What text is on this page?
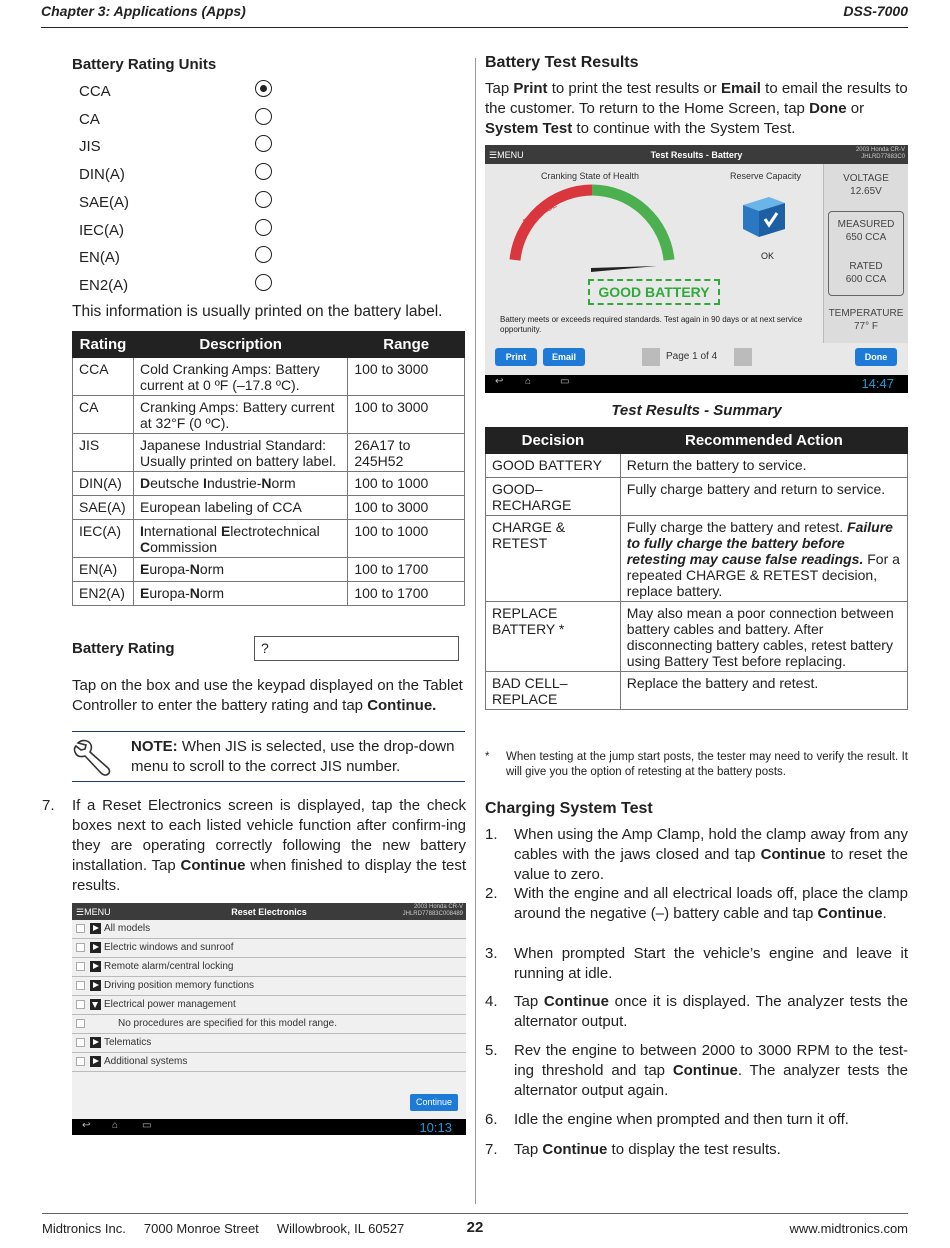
Chapter 3: Applications (Apps)	DSS-7000
Battery Rating Units
CCA
CA
JIS
DIN(A)
SAE(A)
IEC(A)
EN(A)
EN2(A)
This information is usually printed on the battery label.
Rating	Description	Range
CCA	Cold Cranking Amps: Battery current at 0 ºF (–17.8 ºC).	100 to 3000
CA	Cranking Amps: Battery current at 32°F (0 ºC).	100 to 3000
JIS	Japanese Industrial Standard: Usually printed on battery label.	26A17 to 245H52
DIN(A)	Deutsche Industrie-Norm	100 to 1000
SAE(A)	European labeling of CCA	100 to 3000
IEC(A)	International Electrotechnical Commission	100 to 1000
EN(A)	Europa-Norm	100 to 1700
EN2(A)	Europa-Norm	100 to 1700
Battery Rating	?
Tap on the box and use the keypad displayed on the Tablet Controller to enter the battery rating and tap Continue.
NOTE: When JIS is selected, use the drop-down menu to scroll to the correct JIS number.
7. If a Reset Electronics screen is displayed, tap the check boxes next to each listed vehicle function after confirm-ing they are operating correctly following the new battery installation. Tap Continue when finished to display the test results.
☰MENU	Reset Electronics	2003 Honda CR-V
JHLRD77883C008489
All models
Electric windows and sunroof
Remote alarm/central locking
Driving position memory functions
Electrical power management
No procedures are specified for this model range.
Telematics
Additional systems
Continue
↩ ⌂ ▭	10:13
Battery Test Results
Tap Print to print the test results or Email to email the results to the customer. To return to the Home Screen, tap Done or System Test to continue with the System Test.
☰MENU	Test Results - Battery	2003 Honda CR-V
JHLRD77883C0
Cranking State of Health
REPLACE	GOOD
Reserve Capacity
OK
GOOD BATTERY
Battery meets or exceeds required standards. Test again in 90 days or at next service opportunity.
VOLTAGE
12.65V
MEASURED
650 CCA
RATED
600 CCA
TEMPERATURE
77° F
Print	Email	Page 1 of 4	Done
↩ ⌂	▭	14:47
Test Results - Summary
Decision	Recommended Action
GOOD BATTERY	Return the battery to service.
GOOD–RECHARGE	Fully charge battery and return to service.
CHARGE & RETEST	Fully charge the battery and retest. Failure to fully charge the battery before retesting may cause false readings. For a repeated CHARGE & RETEST decision, replace battery.
REPLACE BATTERY *	May also mean a poor connection between battery cables and battery. After disconnecting battery cables, retest battery using Battery Test before replacing.
BAD CELL–REPLACE	Replace the battery and retest.
* When testing at the jump start posts, the tester may need to verify the result. It will give you the option of retesting at the battery posts.
Charging System Test
1. When using the Amp Clamp, hold the clamp away from any cables with the jaws closed and tap Continue to reset the value to zero.
2. With the engine and all electrical loads off, place the clamp around the negative (–) battery cable and tap Continue.
3. When prompted Start the vehicle’s engine and leave it running at idle.
4. Tap Continue once it is displayed. The analyzer tests the alternator output.
5. Rev the engine to between 2000 to 3000 RPM to the test-ing threshold and tap Continue. The analyzer tests the alternator output again.
6. Idle the engine when prompted and then turn it off.
7. Tap Continue to display the test results.
Midtronics Inc. 7000 Monroe Street Willowbrook, IL 60527	22	www.midtronics.com
